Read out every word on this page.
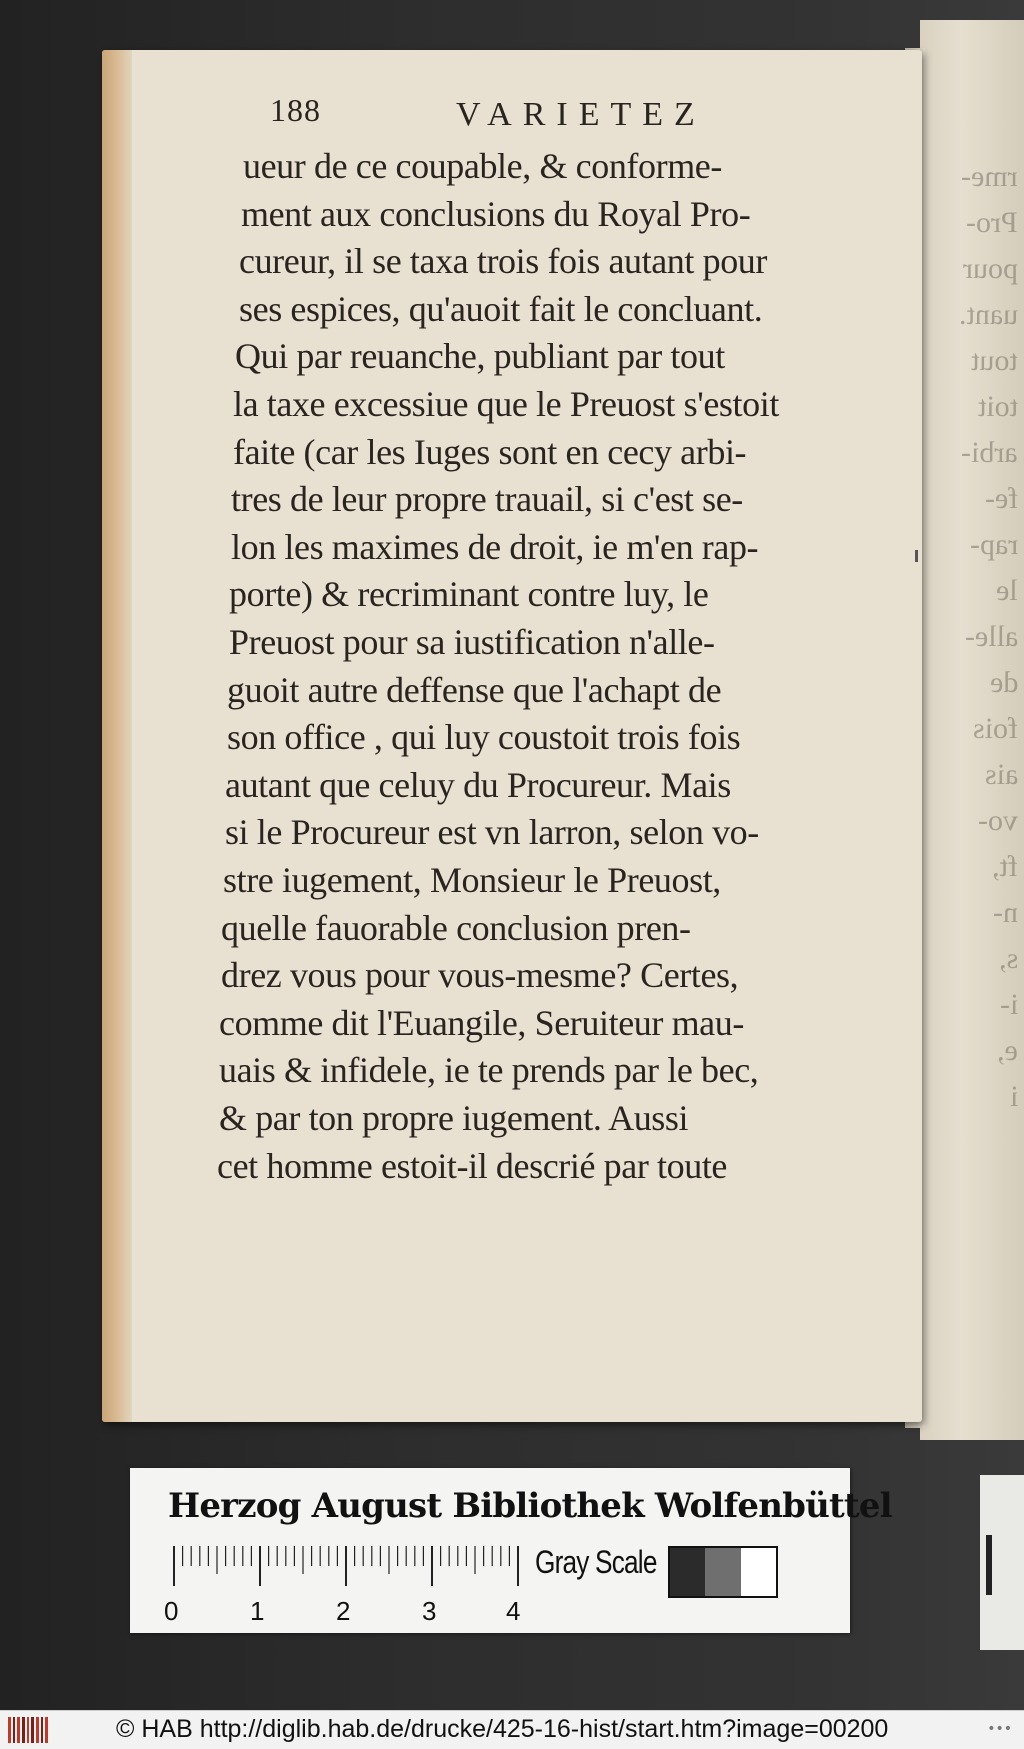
rme-
Pro-
pour
uant.
tout
toit
arbi-
fe-
rap-
le
alle-
de
fois
ais
vo-
ft,
n-
s,
i-
e,
i
188	VARIETEZ
ueur de ce coupable, & conforme-
ment aux conclusions du Royal Pro-
cureur, il se taxa trois fois autant pour
ses espices, qu'auoit fait le concluant.
Qui par reuanche, publiant par tout
la taxe excessiue que le Preuost s'estoit
faite (car les Iuges sont en cecy arbi-
tres de leur propre trauail, si c'est se-
lon les maximes de droit, ie m'en rap-
porte) & recriminant contre luy, le
Preuost pour sa iustification n'alle-
guoit autre deffense que l'achapt de
son office , qui luy coustoit trois fois
autant que celuy du Procureur. Mais
si le Procureur est vn larron, selon vo-
stre iugement, Monsieur le Preuost,
quelle fauorable conclusion pren-
drez vous pour vous-mesme? Certes,
comme dit l'Euangile, Seruiteur mau-
uais & infidele, ie te prends par le bec,
& par ton propre iugement. Aussi
cet homme estoit-il descrié par toute
Herzog August Bibliothek Wolfenbüttel
0	1	2	3	4
Gray Scale
© HAB http://diglib.hab.de/drucke/425-16-hist/start.htm?image=00200	•••
